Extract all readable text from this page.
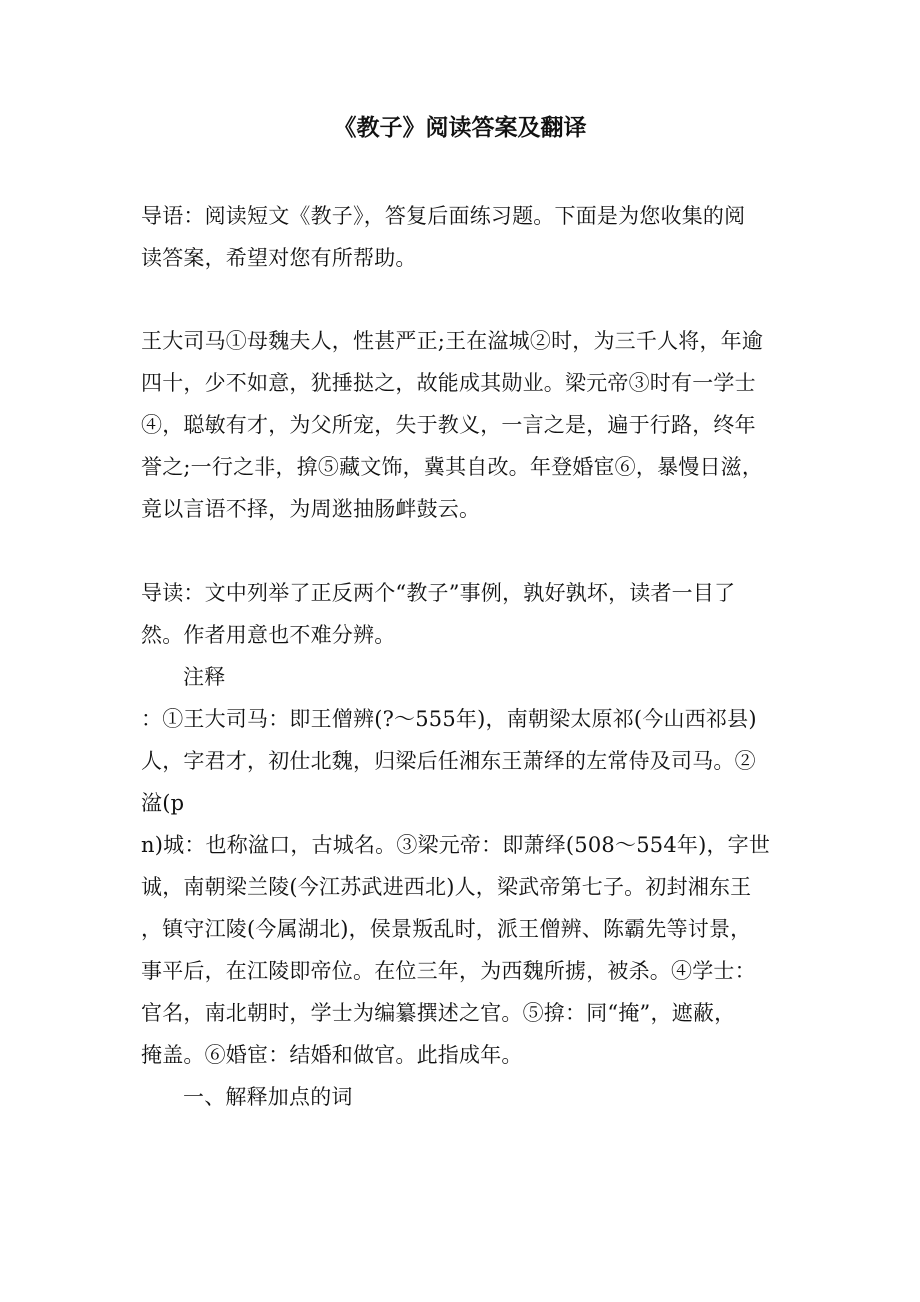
《教子》阅读答案及翻译
导语：阅读短文《教子》，答复后面练习题。下面是为您收集的阅
读答案，希望对您有所帮助。
王大司马①母魏夫人，性甚严正;王在湓城②时，为三千人将，年逾
四十，少不如意，犹捶挞之，故能成其勋业。梁元帝③时有一学士
④，聪敏有才，为父所宠，失于教义，一言之是，遍于行路，终年
誉之;一行之非，揜⑤藏文饰，冀其自改。年登婚宦⑥，暴慢日滋，
竟以言语不择，为周逖抽肠衅鼓云。
导读：文中列举了正反两个“教子”事例，孰好孰坏，读者一目了
然。作者用意也不难分辨。
注释
：①王大司马：即王僧辨(?～555年)，南朝梁太原祁(今山西祁县)
人，字君才，初仕北魏，归梁后任湘东王萧绎的左常侍及司马。②
湓(p
n)城：也称湓口，古城名。③梁元帝：即萧绎(508～554年)，字世
诚，南朝梁兰陵(今江苏武进西北)人，梁武帝第七子。初封湘东王
，镇守江陵(今属湖北)，侯景叛乱时，派王僧辨、陈霸先等讨景，
事平后，在江陵即帝位。在位三年，为西魏所掳，被杀。④学士：
官名，南北朝时，学士为编纂撰述之官。⑤揜：同“掩”，遮蔽，
掩盖。⑥婚宦：结婚和做官。此指成年。
一、解释加点的词
